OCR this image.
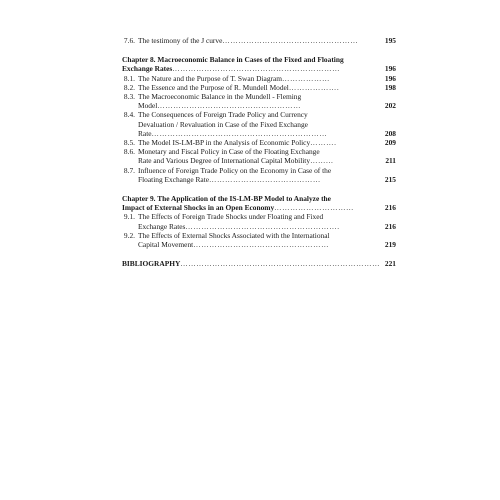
7.6. The testimony of the J curve……………………………………………	195
Chapter 8. Macroeconomic Balance in Cases of the Fixed and Floating
Exchange Rates………………………………………………………	196
8.1. The Nature and the Purpose of T. Swan Diagram………………	196
8.2. The Essence and the Purpose of R. Mundell Model……………….	198
8.3. The Macroeconomic Balance in the Mundell - Fleming
Model………………………………………………	202
8.4. The Consequences of Foreign Trade Policy and Currency
Devaluation / Revaluation in Case of the Fixed Exchange
Rate…………………………………………………………	208
8.5. The Model IS-LM-BP in the Analysis of Economic Policy……….	209
8.6. Monetary and Fiscal Policy in Case of the Floating Exchange
Rate and Various Degree of International Capital Mobility……...	211
8.7. Influence of Foreign Trade Policy on the Economy in Case of the
Floating Exchange Rate……………………………………	215
Chapter 9. The Application of the IS-LM-BP Model to Analyze the
Impact of External Shocks in an Open Economy…………………………	216
9.1. The Effects of Foreign Trade Shocks under Floating and Fixed
Exchange Rates………………………………………………….	216
9.2. The Effects of External Shocks Associated with the International
Capital Movement……………………………………………	219
BIBLIOGRAPHY………………………………………………………………… 221
